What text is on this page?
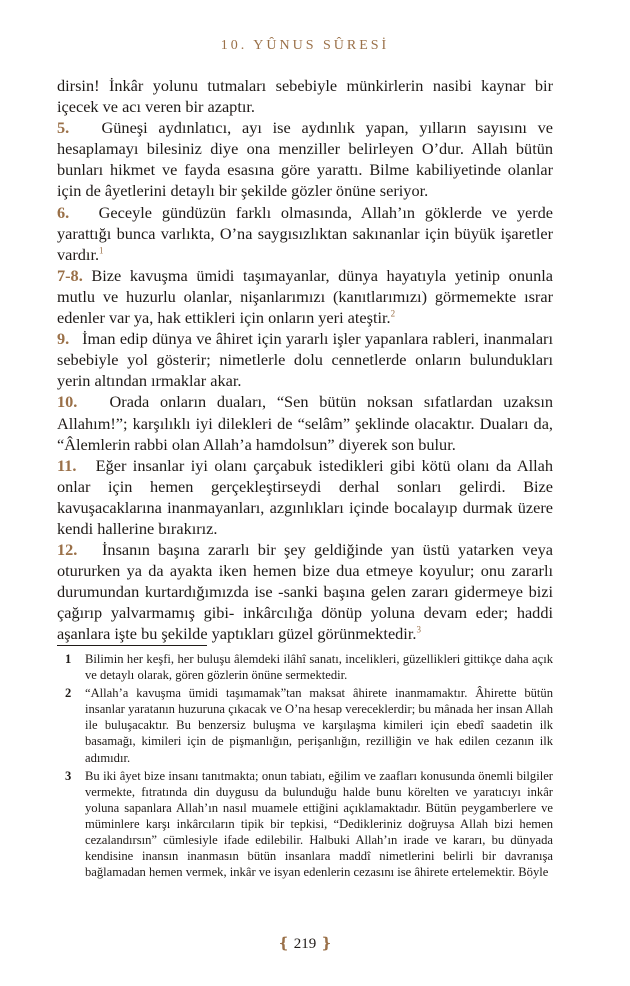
10. YÛNUS SÛRESİ

dirsin! İnkâr yolunu tutmaları sebebiyle münkirlerin nasibi kaynar bir içecek ve acı veren bir azaptır.

5. Güneşi aydınlatıcı, ayı ise aydınlık yapan, yılların sayısını ve hesaplamayı bilesiniz diye ona menziller belirleyen O’dur. Allah bütün bunları hikmet ve fayda esasına göre yarattı. Bilme kabiliyetinde olanlar için de âyetlerini detaylı bir şekilde gözler önüne seriyor.

6. Geceyle gündüzün farklı olmasında, Allah’ın göklerde ve yerde yarattığı bunca varlıkta, O’na saygısızlıktan sakınanlar için büyük işaretler vardır.$^1$

7-8. Bize kavuşma ümidi taşımayanlar, dünya hayatıyla yetinip onunla mutlu ve huzurlu olanlar, nişanlarımızı (kanıtlarımızı) görmemekte ısrar edenler var ya, hak ettikleri için onların yeri ateştir.$^2$

9. İman edip dünya ve âhiret için yararlı işler yapanlara rableri, inanmaları sebebiyle yol gösterir; nimetlerle dolu cennetlerde onların bulundukları yerin altından ırmaklar akar.

10. Orada onların duaları, “Sen bütün noksan sıfatlardan uzaksın Allahım!”; karşılıklı iyi dilekleri de “selâm” şeklinde olacaktır. Duaları da, “Âlemlerin rabbi olan Allah’a hamdolsun” diyerek son bulur.

11. Eğer insanlar iyi olanı çarçabuk istedikleri gibi kötü olanı da Allah onlar için hemen gerçekleştirseydi derhal sonları gelirdi. Bize kavuşacaklarına inanmayanları, azgınlıkları içinde bocalayıp durmak üzere kendi hallerine bırakırız.

12. İnsanın başına zararlı bir şey geldiğinde yan üstü yatarken veya otururken ya da ayakta iken hemen bize dua etmeye koyulur; onu zararlı durumundan kurtardığımızda ise -sanki başına gelen zararı gidermeye bizi çağırıp yalvarmamış gibi- inkârcılığa dönüp yoluna devam eder; haddi aşanlara işte bu şekilde yaptıkları güzel görünmektedir.$^3$

1	Bilimin her keşfi, her buluşu âlemdeki ilâhî sanatı, incelikleri, güzellikleri gittikçe daha açık ve detaylı olarak, gören gözlerin önüne sermektedir.
2	“Allah’a kavuşma ümidi taşımamak”tan maksat âhirete inanmamaktır. Âhirette bütün insanlar yaratanın huzuruna çıkacak ve O’na hesap vereceklerdir; bu mânada her insan Allah ile buluşacaktır. Bu benzersiz buluşma ve karşılaşma kimileri için ebedî saadetin ilk basamağı, kimileri için de pişmanlığın, perişanlığın, rezilliğin ve hak edilen cezanın ilk adımıdır.
3	Bu iki âyet bize insanı tanıtmakta; onun tabiatı, eğilim ve zaafları konusunda önemli bilgiler vermekte, fıtratında din duygusu da bulunduğu halde bunu körelten ve yaratıcıyı inkâr yoluna sapanlara Allah’ın nasıl muamele ettiğini açıklamaktadır. Bütün peygamberlere ve müminlere karşı inkârcıların tipik bir tepkisi, “Dedikleriniz doğruysa Allah bizi hemen cezalandırsın” cümlesiyle ifade edilebilir. Halbuki Allah’ın irade ve kararı, bu dünyada kendisine inansın inanmasın bütün insanlara maddî nimetlerini belirli bir davranışa bağlamadan hemen vermek, inkâr ve isyan edenlerin cezasını ise âhirete ertelemektir. Böyle
❴ 219 ❵
